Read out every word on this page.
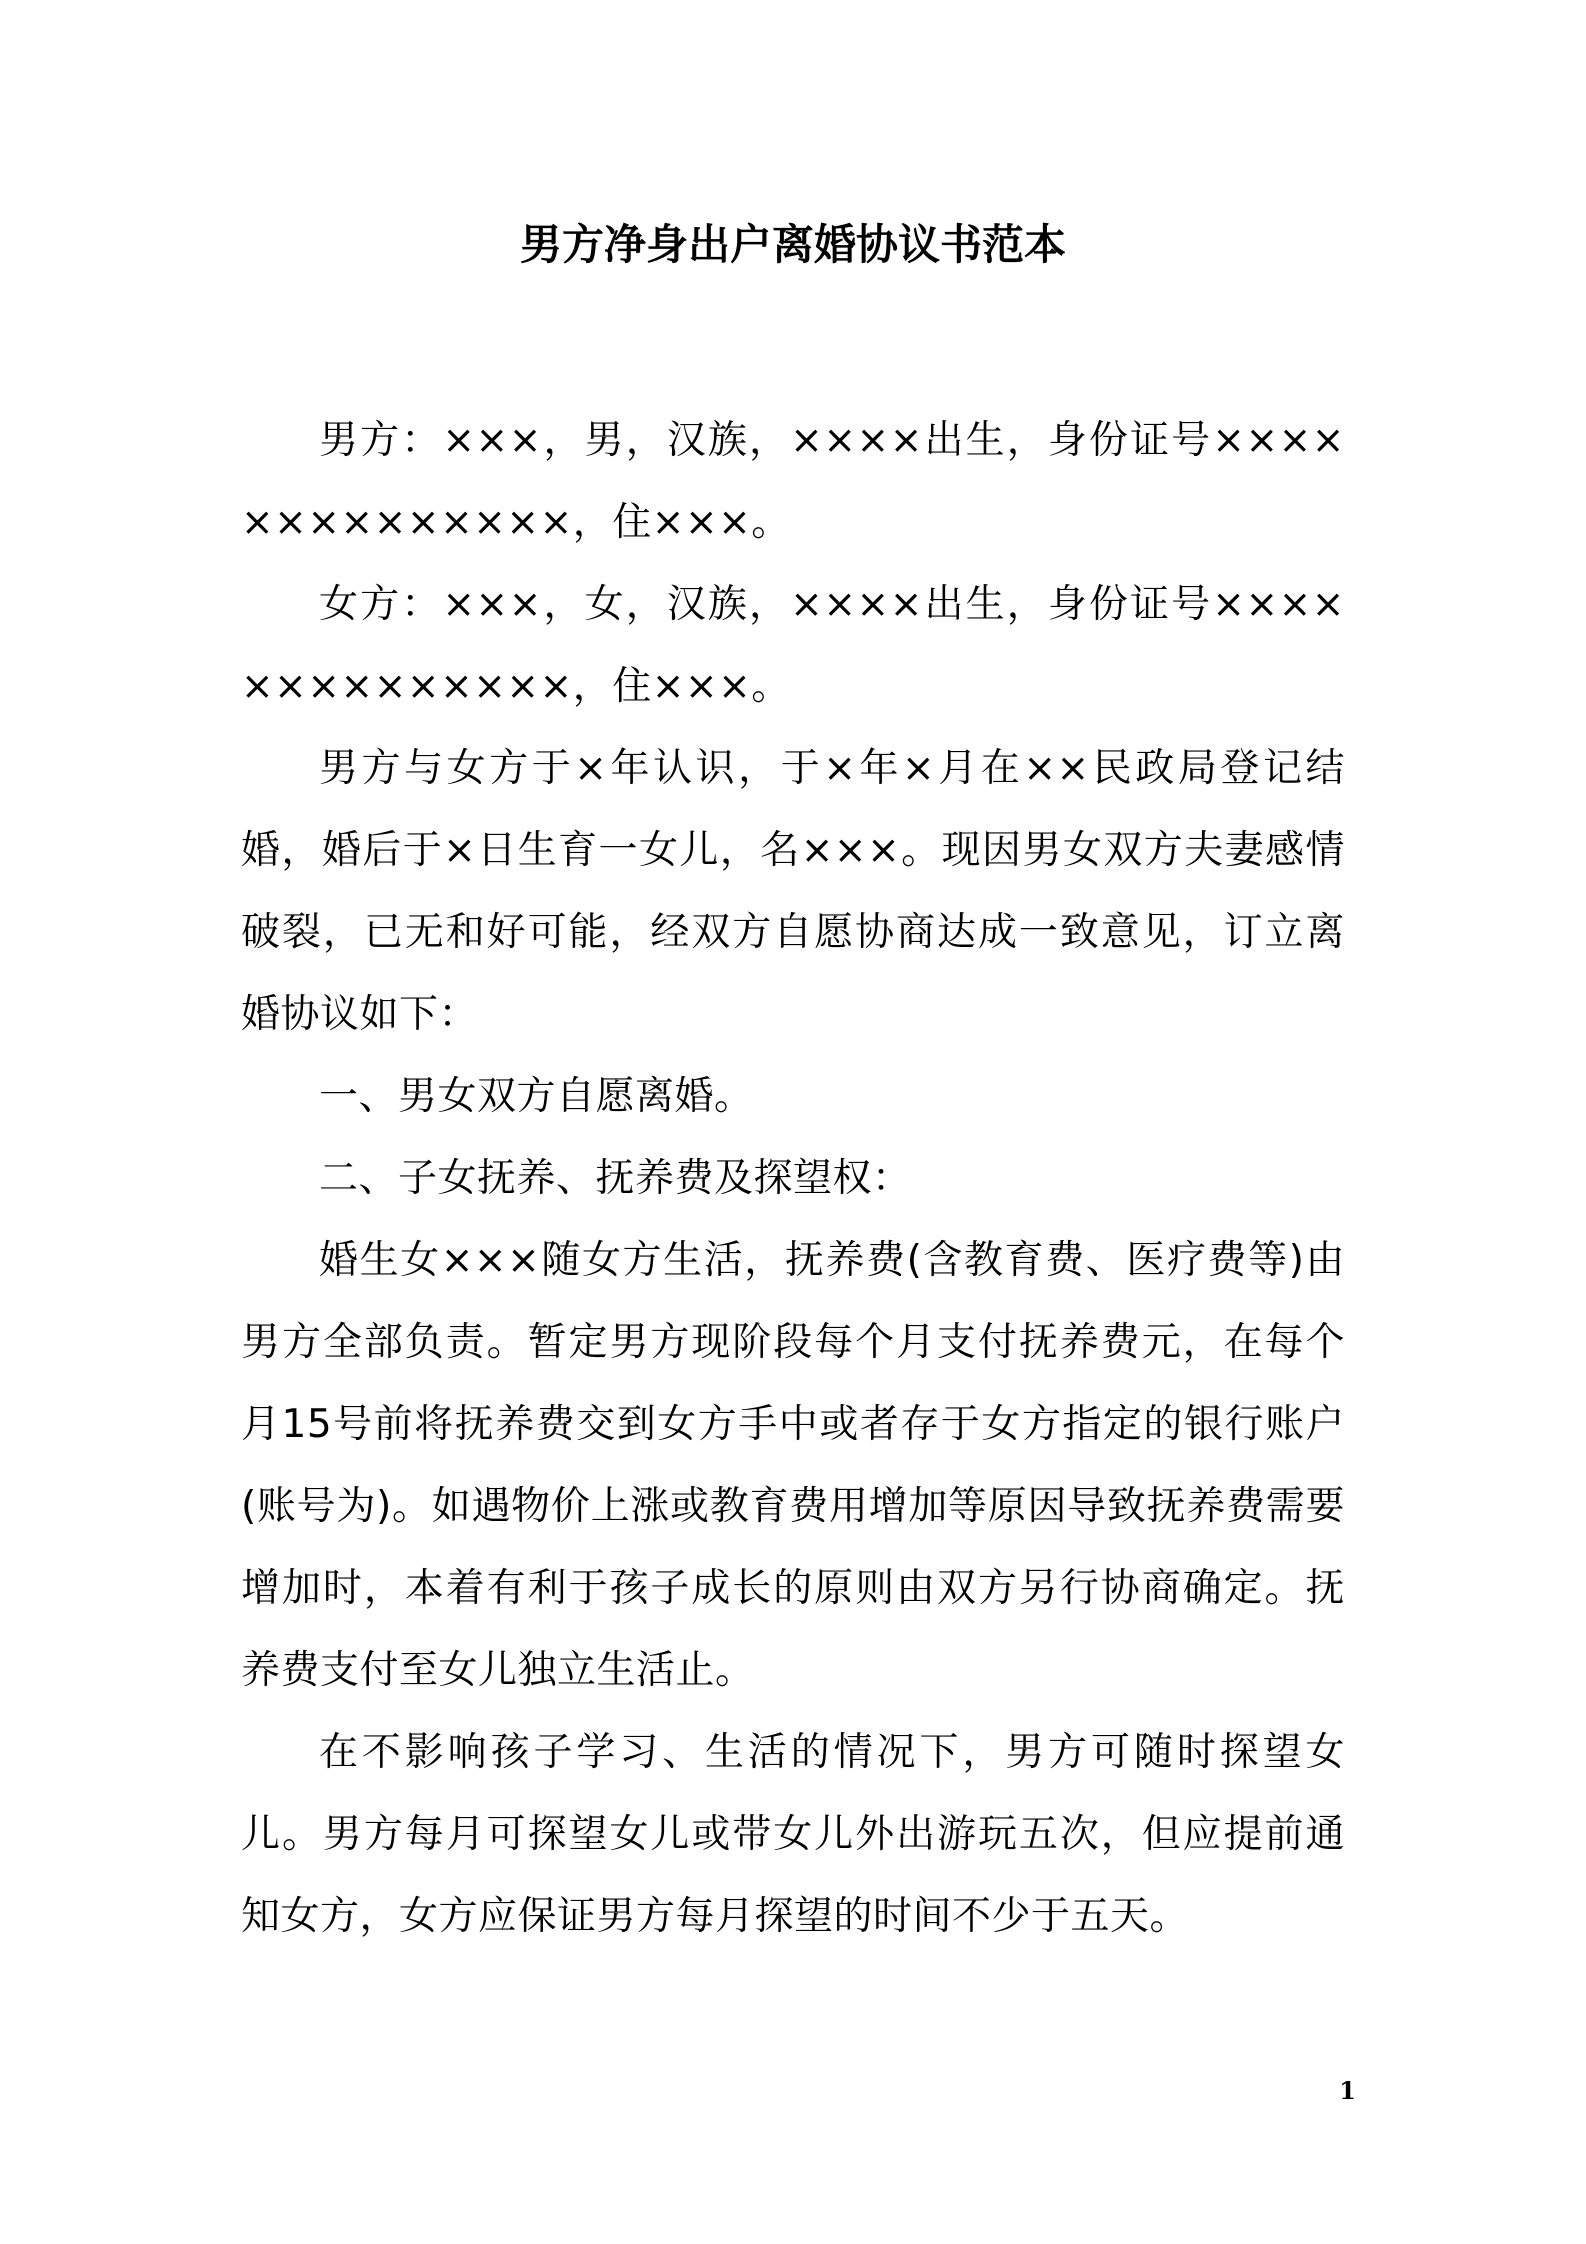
男方净身出户离婚协议书范本

男方：×××，男，汉族，××××出生，身份证号××××××××××××××，住×××。

女方：×××，女，汉族，××××出生，身份证号××××××××××××××，住×××。

男方与女方于×年认识，于×年×月在××民政局登记结婚，婚后于×日生育一女儿，名×××。现因男女双方夫妻感情破裂，已无和好可能，经双方自愿协商达成一致意见，订立离婚协议如下：

一、男女双方自愿离婚。

二、子女抚养、抚养费及探望权：

婚生女×××随女方生活，抚养费(含教育费、医疗费等)由男方全部负责。暂定男方现阶段每个月支付抚养费元，在每个月15号前将抚养费交到女方手中或者存于女方指定的银行账户(账号为)。如遇物价上涨或教育费用增加等原因导致抚养费需要增加时，本着有利于孩子成长的原则由双方另行协商确定。抚养费支付至女儿独立生活止。

在不影响孩子学习、生活的情况下，男方可随时探望女儿。男方每月可探望女儿或带女儿外出游玩五次，但应提前通知女方，女方应保证男方每月探望的时间不少于五天。

1
